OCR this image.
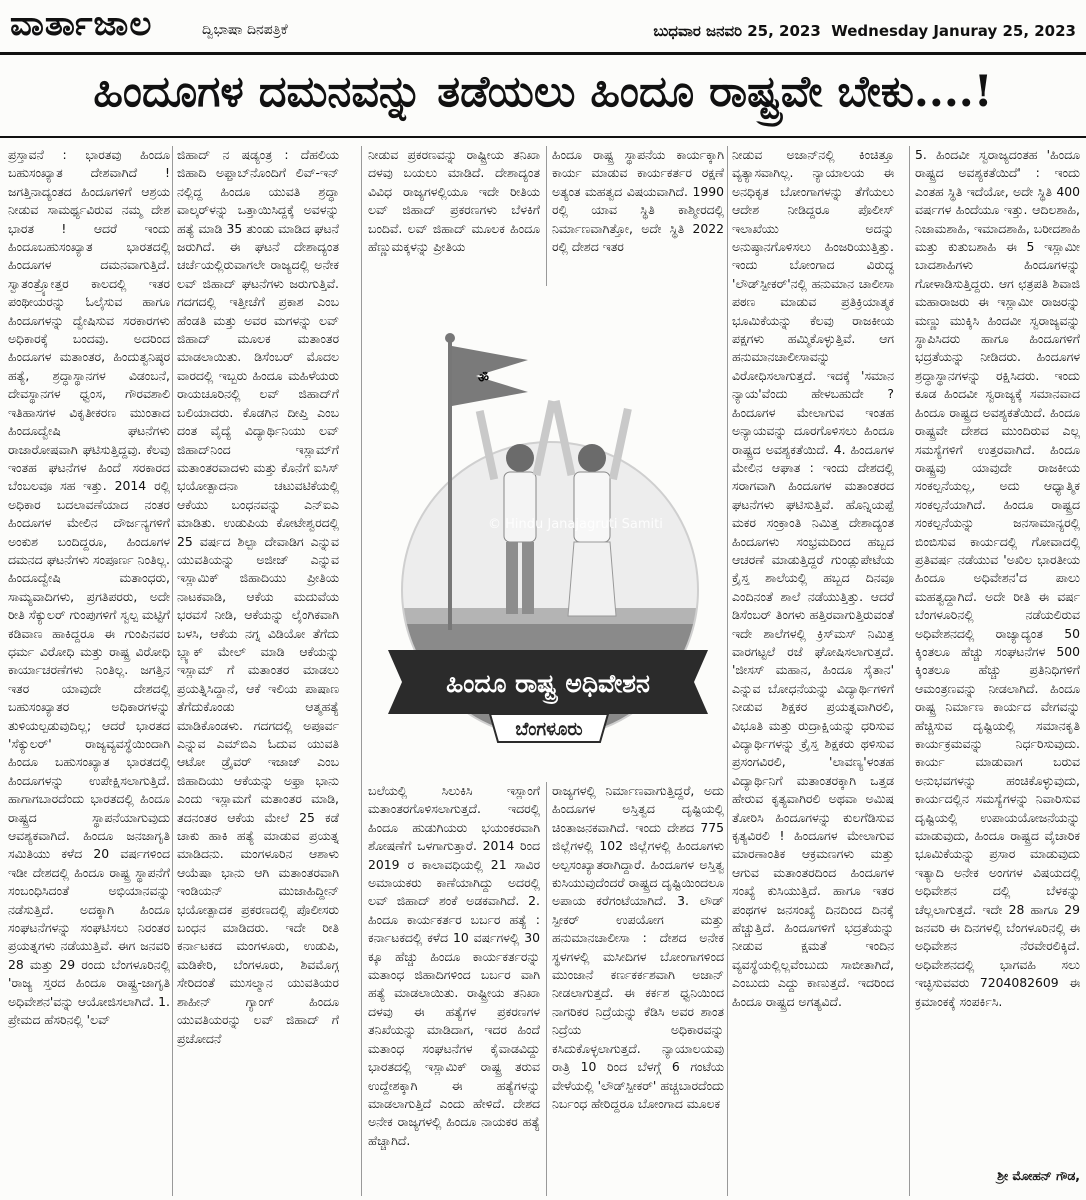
ವಾರ್ತಾಜಾಲ	ದ್ವಿಭಾಷಾ ದಿನಪತ್ರಿಕೆ	ಬುಧವಾರ ಜನವರಿ 25, 2023 Wednesday Januray 25, 2023
ಹಿಂದೂಗಳ ದಮನವನ್ನು ತಡೆಯಲು ಹಿಂದೂ ರಾಷ್ಟ್ರವೇ ಬೇಕು....!

ಪ್ರಸ್ತಾವನೆ : ಭಾರತವು ಹಿಂದೂ ಬಹುಸಂಖ್ಯಾತ ದೇಶವಾಗಿದೆ ! ಜಗತ್ತಿನಾದ್ಯಂತದ ಹಿಂದೂಗಳಿಗೆ ಆಶ್ರಯ ನೀಡುವ ಸಾಮರ್ಥ್ಯವಿರುವ ನಮ್ಮ ದೇಶ ಭಾರತ ! ಆದರೆ ಇಂದು ಹಿಂದೂಬಹುಸಂಖ್ಯಾತ ಭಾರತದಲ್ಲಿ ಹಿಂದೂಗಳ ದಮನವಾಗುತ್ತಿದೆ. ಸ್ವಾತಂತ್ರ್ಯೋತ್ತರ ಕಾಲದಲ್ಲಿ ಇತರ ಪಂಥೀಯರನ್ನು ಓಲೈಸುವ ಹಾಗೂ ಹಿಂದೂಗಳನ್ನು ದ್ವೇಷಿಸುವ ಸರಕಾರಗಳು ಅಧಿಕಾರಕ್ಕೆ ಬಂದವು. ಅದರಿಂದ ಹಿಂದೂಗಳ ಮತಾಂತರ, ಹಿಂದುತ್ವನಿಷ್ಠರ ಹತ್ಯೆ, ಶ್ರದ್ಧಾಸ್ಥಾನಗಳ ವಿಡಂಬನೆ, ದೇವಸ್ಥಾನಗಳ ಧ್ವಂಸ, ಗೌರವಶಾಲಿ ಇತಿಹಾಸಗಳ ವಿಕೃತೀಕರಣ ಮುಂತಾದ ಹಿಂದೂದ್ವೇಷಿ ಘಟನೆಗಳು ರಾಜಾರೋಷವಾಗಿ ಘಟಿಸುತ್ತಿದ್ದವು. ಕೆಲವು ಇಂತಹ ಘಟನೆಗಳ ಹಿಂದೆ ಸರಕಾರದ ಬೆಂಬಲವೂ ಸಹ ಇತ್ತು. 2014 ರಲ್ಲಿ ಅಧಿಕಾರ ಬದಲಾವಣೆಯಾದ ನಂತರ ಹಿಂದೂಗಳ ಮೇಲಿನ ದೌರ್ಜನ್ಯಗಳಿಗೆ ಅಂಕುಶ ಬಂದಿದ್ದರೂ, ಹಿಂದೂಗಳ ದಮನದ ಘಟನೆಗಳು ಸಂಪೂರ್ಣ ನಿಂತಿಲ್ಲ. ಹಿಂದೂದ್ವೇಷಿ ಮತಾಂಧರು, ಸಾಮ್ಯವಾದಿಗಳು, ಪ್ರಗತಿಪರರು, ಅದೇ ರೀತಿ ಸೆಕ್ಯುಲರ್ ಗುಂಪುಗಳಿಗೆ ಸ್ವಲ್ಪ ಮಟ್ಟಿಗೆ ಕಡಿವಾಣ ಹಾಕಿದ್ದರೂ ಈ ಗುಂಪಿನವರ ಧರ್ಮ ವಿರೋಧಿ ಮತ್ತು ರಾಷ್ಟ್ರ ವಿರೋಧಿ ಕಾರ್ಯಾಚರಣೆಗಳು ನಿಂತಿಲ್ಲ. ಜಗತ್ತಿನ ಇತರ ಯಾವುದೇ ದೇಶದಲ್ಲಿ ಬಹುಸಂಖ್ಯಾತರ ಅಧಿಕಾರಗಳನ್ನು ತುಳಿಯಲ್ಪಡುವುದಿಲ್ಲ; ಆದರೆ ಭಾರತದ 'ಸೆಕ್ಯುಲರ್' ರಾಜ್ಯವ್ಯವಸ್ಥೆಯಿಂದಾಗಿ ಹಿಂದೂ ಬಹುಸಂಖ್ಯಾತ ಭಾರತದಲ್ಲಿ ಹಿಂದೂಗಳನ್ನು ಉಪೇಕ್ಷಿಸಲಾಗುತ್ತಿದೆ. ಹಾಗಾಗಬಾರದೆಂದು ಭಾರತದಲ್ಲಿ ಹಿಂದೂ ರಾಷ್ಟ್ರದ ಸ್ಥಾಪನೆಯಾಗುವುದು ಆವಶ್ಯಕವಾಗಿದೆ. ಹಿಂದೂ ಜನಜಾಗೃತಿ ಸಮಿತಿಯು ಕಳೆದ 20 ವರ್ಷಗಳಿಂದ ಇಡೀ ದೇಶದಲ್ಲಿ ಹಿಂದೂ ರಾಷ್ಟ್ರ ಸ್ಥಾಪನೆಗೆ ಸಂಬಂಧಿಸಿದಂತೆ ಅಭಿಯಾನವನ್ನು ನಡೆಸುತ್ತಿದೆ. ಅದಕ್ಕಾಗಿ ಹಿಂದೂ ಸಂಘಟನೆಗಳನ್ನು ಸಂಘಟಿಸಲು ನಿರಂತರ ಪ್ರಯತ್ನಗಳು ನಡೆಯುತ್ತಿವೆ. ಈಗ ಜನವರಿ 28 ಮತ್ತು 29 ರಂದು ಬೆಂಗಳೂರಿನಲ್ಲಿ 'ರಾಜ್ಯ ಸ್ತರದ ಹಿಂದೂ ರಾಷ್ಟ್ರ-ಜಾಗೃತಿ ಅಧಿವೇಶನ'ವನ್ನು ಆಯೋಜಿಸಲಾಗಿದೆ. 1. ಪ್ರೇಮದ ಹೆಸರಿನಲ್ಲಿ 'ಲವ್

ಜಿಹಾದ್ ನ ಷಡ್ಯಂತ್ರ : ದೆಹಲಿಯ ಜಿಹಾದಿ ಅಫ್ತಾಬ್‌ನೊಂದಿಗೆ ಲಿವ್-ಇನ್ ನಲ್ಲಿದ್ದ ಹಿಂದೂ ಯುವತಿ ಶ್ರದ್ಧಾ ವಾಲ್ಕರ್‌ಳನ್ನು ಒತ್ತಾಯಿಸಿದ್ದಕ್ಕೆ ಅವಳನ್ನು ಹತ್ಯೆ ಮಾಡಿ 35 ತುಂಡು ಮಾಡಿದ ಘಟನೆ ಜರುಗಿದೆ. ಈ ಘಟನೆ ದೇಶಾದ್ಯಂತ ಚರ್ಚೆಯಲ್ಲಿರುವಾಗಲೇ ರಾಜ್ಯದಲ್ಲಿ ಅನೇಕ ಲವ್ ಜಿಹಾದ್ ಘಟನೆಗಳು ಜರುಗುತ್ತಿವೆ. ಗದಗದಲ್ಲಿ ಇತ್ತೀಚೆಗೆ ಪ್ರಕಾಶ ಎಂಬ ಹೆಂಡತಿ ಮತ್ತು ಅವರ ಮಗಳನ್ನು ಲವ್ ಜಿಹಾದ್ ಮೂಲಕ ಮತಾಂತರ ಮಾಡಲಾಯಿತು. ಡಿಸೆಂಬರ್ ಮೊದಲ ವಾರದಲ್ಲಿ ಇಬ್ಬರು ಹಿಂದೂ ಮಹಿಳೆಯರು ರಾಯಚೂರಿನಲ್ಲಿ ಲವ್ ಜಿಹಾದ್‌ಗೆ ಬಲಿಯಾದರು. ಕೊಡಗಿನ ದೀಪ್ತಿ ಎಂಬ ದಂತ ವೈದ್ಯೆ ವಿದ್ಯಾರ್ಥಿನಿಯು ಲವ್ ಜಿಹಾದ್‌ನಿಂದ ಇಸ್ಲಾಮ್‌ಗೆ ಮತಾಂತರವಾದಳು ಮತ್ತು ಕೊನೆಗೆ ಐಸಿಸ್ ಭಯೋತ್ಪಾದನಾ ಚಟುವಟಿಕೆಯಲ್ಲಿ ಆಕೆಯು ಬಂಧನವನ್ನು ಎನ್ಐಎ ಮಾಡಿತು. ಉಡುಪಿಯ ಕೋಟೇಶ್ವರದಲ್ಲಿ 25 ವರ್ಷದ ಶಿಲ್ಪಾ ದೇವಾಡಿಗ ಎನ್ನುವ ಯುವತಿಯನ್ನು ಅಜೀಜ್ ಎನ್ನುವ ಇಸ್ಲಾಮಿಕ್ ಜಿಹಾದಿಯು ಪ್ರೀತಿಯ ನಾಟಕವಾಡಿ, ಆಕೆಯ ಮದುವೆಯ ಭರವಸೆ ನೀಡಿ, ಆಕೆಯನ್ನು ಲೈಂಗಿಕವಾಗಿ ಬಳಸಿ, ಆಕೆಯ ನಗ್ನ ವಿಡಿಯೋ ತೆಗೆದು ಬ್ಲ್ಯಾಕ್ ಮೇಲ್ ಮಾಡಿ ಆಕೆಯನ್ನು ಇಸ್ಲಾಮ್ ಗೆ ಮತಾಂತರ ಮಾಡಲು ಪ್ರಯತ್ನಿಸಿದ್ದಾನೆ, ಆಕೆ ಇಲಿಯ ಪಾಷಾಣ ತೆಗೆದುಕೊಂಡು ಆತ್ಮಹತ್ಯೆ ಮಾಡಿಕೊಂಡಳು. ಗದಗದಲ್ಲಿ ಅಪೂರ್ವ ಎನ್ನುವ ಎಮ್‌ಬಿಎ ಓದುವ ಯುವತಿ ಆಟೋ ಡ್ರೈವರ್ ಇಜಾಜ್ ಎಂಬ ಜಿಹಾದಿಯು ಆಕೆಯನ್ನು ಅಫ್ರಾ ಭಾನು ಎಂದು ಇಸ್ಲಾಮಗೆ ಮತಾಂತರ ಮಾಡಿ, ತದನಂತರ ಆಕೆಯ ಮೇಲೆ 25 ಕಡೆ ಚಾಕು ಹಾಕಿ ಹತ್ಯೆ ಮಾಡುವ ಪ್ರಯತ್ನ ಮಾಡಿದನು. ಮಂಗಳೂರಿನ ಆಶಾಳು ಆಯೆಷಾ ಭಾನು ಆಗಿ ಮತಾಂತರವಾಗಿ ಇಂಡಿಯನ್ ಮುಜಾಹಿದ್ದೀನ್ ಭಯೋತ್ಪಾದಕ ಪ್ರಕರಣದಲ್ಲಿ ಪೊಲೀಸರು ಬಂಧನ ಮಾಡಿದರು. ಇದೇ ರೀತಿ ಕರ್ನಾಟಕದ ಮಂಗಳೂರು, ಉಡುಪಿ, ಮಡಿಕೇರಿ, ಬೆಂಗಳೂರು, ಶಿವಮೊಗ್ಗ ಸೇರಿದಂತೆ ಮುಸಲ್ಮಾನ ಯುವತಿಯರ ಶಾಹೀನ್ ಗ್ಯಾಂಗ್ ಹಿಂದೂ ಯುವತಿಯರನ್ನು ಲವ್ ಜಿಹಾದ್ ಗೆ ಪ್ರಚೋದನೆ

ನೀಡುವ ಪ್ರಕರಣವನ್ನು ರಾಷ್ಟ್ರೀಯ ತನಿಖಾ ದಳವು ಬಯಲು ಮಾಡಿದೆ. ದೇಶಾದ್ಯಂತ ವಿವಿಧ ರಾಜ್ಯಗಳಲ್ಲಿಯೂ ಇದೇ ರೀತಿಯ ಲವ್ ಜಿಹಾದ್ ಪ್ರಕರಣಗಳು ಬೆಳಕಿಗೆ ಬಂದಿವೆ. ಲವ್ ಜಿಹಾದ್ ಮೂಲಕ ಹಿಂದೂ ಹೆಣ್ಣುಮಕ್ಕಳನ್ನು ಪ್ರೀತಿಯ

ಹಿಂದೂ ರಾಷ್ಟ್ರ ಸ್ಥಾಪನೆಯ ಕಾರ್ಯಕ್ಕಾಗಿ ಕಾರ್ಯ ಮಾಡುವ ಕಾರ್ಯಕರ್ತರ ರಕ್ಷಣೆ ಅತ್ಯಂತ ಮಹತ್ವದ ವಿಷಯವಾಗಿದೆ. 1990 ರಲ್ಲಿ ಯಾವ ಸ್ಥಿತಿ ಕಾಶ್ಮೀರದಲ್ಲಿ ನಿರ್ಮಾಣವಾಗಿತ್ತೋ, ಅದೇ ಸ್ಥಿತಿ 2022 ರಲ್ಲಿ ದೇಶದ ಇತರ

ॐ
© Hindu Janajagruti Samiti
ಹಿಂದೂ ರಾಷ್ಟ್ರ ಅಧಿವೇಶನ
ಬೆಂಗಳೂರು

ಬಲೆಯಲ್ಲಿ ಸಿಲುಕಿಸಿ ಇಸ್ಲಾಂಗೆ ಮತಾಂತರಗೊಳಿಸಲಾಗುತ್ತದೆ. ಇದರಲ್ಲಿ ಹಿಂದೂ ಹುಡುಗಿಯರು ಭಯಂಕರವಾಗಿ ಶೋಷಣೆಗೆ ಒಳಗಾಗುತ್ತಾರೆ. 2014 ರಿಂದ 2019 ರ ಕಾಲಾವಧಿಯಲ್ಲಿ 21 ಸಾವಿರ ಅಮಾಯಕರು ಕಾಣೆಯಾಗಿದ್ದು ಅದರಲ್ಲಿ ಲವ್ ಜಿಹಾದ್ ಶಂಕೆ ಅಡಕವಾಗಿದೆ. 2. ಹಿಂದೂ ಕಾರ್ಯಕರ್ತರ ಬರ್ಬರ ಹತ್ಯೆ : ಕರ್ನಾಟಕದಲ್ಲಿ ಕಳೆದ 10 ವರ್ಷಗಳಲ್ಲಿ 30 ಕ್ಕೂ ಹೆಚ್ಚು ಹಿಂದೂ ಕಾರ್ಯಕರ್ತರನ್ನು ಮತಾಂಧ ಜಿಹಾದಿಗಳಿಂದ ಬರ್ಬರ ವಾಗಿ ಹತ್ಯೆ ಮಾಡಲಾಯಿತು. ರಾಷ್ಟ್ರೀಯ ತನಿಖಾ ದಳವು ಈ ಹತ್ಯೆಗಳ ಪ್ರಕರಣಗಳ ತನಿಖೆಯನ್ನು ಮಾಡಿದಾಗ, ಇದರ ಹಿಂದೆ ಮತಾಂಧ ಸಂಘಟನೆಗಳ ಕೈವಾಡವಿದ್ದು ಭಾರತದಲ್ಲಿ ಇಸ್ಲಾಮಿಕ್ ರಾಷ್ಟ್ರ ತರುವ ಉದ್ದೇಶಕ್ಕಾಗಿ ಈ ಹತ್ಯೆಗಳನ್ನು ಮಾಡಲಾಗುತ್ತಿದೆ ಎಂದು ಹೇಳಿದೆ. ದೇಶದ ಅನೇಕ ರಾಜ್ಯಗಳಲ್ಲಿ ಹಿಂದೂ ನಾಯಕರ ಹತ್ಯೆ ಹೆಚ್ಚಾಗಿದೆ.

ರಾಜ್ಯಗಳಲ್ಲಿ ನಿರ್ಮಾಣವಾಗುತ್ತಿದ್ದರೆ, ಅದು ಹಿಂದೂಗಳ ಅಸ್ತಿತ್ವದ ದೃಷ್ಟಿಯಲ್ಲಿ ಚಿಂತಾಜನಕವಾಗಿದೆ. ಇಂದು ದೇಶದ 775 ಜಿಲ್ಲೆಗಳಲ್ಲಿ 102 ಜಿಲ್ಲೆಗಳಲ್ಲಿ ಹಿಂದೂಗಳು ಅಲ್ಪಸಂಖ್ಯಾತರಾಗಿದ್ದಾರೆ. ಹಿಂದೂಗಳ ಅಸ್ತಿತ್ವ ಕುಸಿಯುವುದೆಂದರೆ ರಾಷ್ಟ್ರದ ದೃಷ್ಟಿಯಿಂದಲೂ ಅಪಾಯ ಕರೆಗಂಟೆಯಾಗಿದೆ. 3. ಲೌಡ್ ಸ್ಪೀಕರ್ ಉಪಯೋಗ ಮತ್ತು ಹನುಮಾನಚಾಲೀಸಾ : ದೇಶದ ಅನೇಕ ಸ್ಥಳಗಳಲ್ಲಿ ಮಸೀದಿಗಳ ಬೋಂಗಾಗಳಿಂದ ಮುಂಜಾನೆ ಕರ್ಣಕರ್ಕಶವಾಗಿ ಅಜಾನ್ ನೀಡಲಾಗುತ್ತದೆ. ಈ ಕರ್ಕಶ ಧ್ವನಿಯಿಂದ ನಾಗರಿಕರ ನಿದ್ರೆಯನ್ನು ಕೆಡಿಸಿ ಅವರ ಶಾಂತ ನಿದ್ರೆಯ ಅಧಿಕಾರವನ್ನು ಕಸಿದುಕೊಳ್ಳಲಾಗುತ್ತದೆ. ನ್ಯಾಯಾಲಯವು ರಾತ್ರಿ 10 ರಿಂದ ಬೆಳಗ್ಗೆ 6 ಗಂಟೆಯ ವೇಳೆಯಲ್ಲಿ 'ಲೌಡ್‌ಸ್ಪೀಕರ್' ಹಚ್ಚಬಾರದೆಂದು ನಿರ್ಬಂಧ ಹೇರಿದ್ದರೂ ಬೋಂಗಾದ ಮೂಲಕ

ನೀಡುವ ಅಜಾನ್‌ನಲ್ಲಿ ಕಿಂಚಿತ್ತೂ ವ್ಯತ್ಯಾಸವಾಗಿಲ್ಲ. ನ್ಯಾಯಾಲಯ ಈ ಅನಧಿಕೃತ ಬೋಂಗಾಗಳನ್ನು ತೆಗೆಯಲು ಆದೇಶ ನೀಡಿದ್ದರೂ ಪೊಲೀಸ್ ಇಲಾಖೆಯು ಅದನ್ನು ಅನುಷ್ಠಾನಗೊಳಿಸಲು ಹಿಂಜರಿಯುತ್ತಿತ್ತು. ಇಂದು ಬೋಂಗಾದ ವಿರುದ್ಧ 'ಲೌಡ್‌ಸ್ಪೀಕರ್'ನಲ್ಲಿ ಹನುಮಾನ ಚಾಲೀಸಾ ಪಠಣ ಮಾಡುವ ಪ್ರತಿಕ್ರಿಯಾತ್ಮಕ ಭೂಮಿಕೆಯನ್ನು ಕೆಲವು ರಾಜಕೀಯ ಪಕ್ಷಗಳು ಹಮ್ಮಿಕೊಳ್ಳುತ್ತಿವೆ. ಆಗ ಹನುಮಾನಚಾಲೀಸಾವನ್ನು ವಿರೋಧಿಸಲಾಗುತ್ತದೆ. ಇದಕ್ಕೆ 'ಸಮಾನ ನ್ಯಾಯ'ವೆಂದು ಹೇಳಬಹುದೇ ? ಹಿಂದೂಗಳ ಮೇಲಾಗುವ ಇಂತಹ ಅನ್ಯಾಯವನ್ನು ದೂರಗೊಳಿಸಲು ಹಿಂದೂ ರಾಷ್ಟ್ರದ ಅವಶ್ಯಕತೆಯಿದೆ. 4. ಹಿಂದೂಗಳ ಮೇಲಿನ ಆಘಾತ : ಇಂದು ದೇಶದಲ್ಲಿ ಸರಾಗವಾಗಿ ಹಿಂದೂಗಳ ಮತಾಂತರದ ಘಟನೆಗಳು ಘಟಿಸುತ್ತಿವೆ. ಹೊನ್ನಿಯಪ್ಪೆ ಮಕರ ಸಂಕ್ರಾಂತಿ ನಿಮಿತ್ತ ದೇಶಾದ್ಯಂತ ಹಿಂದೂಗಳು ಸಂಭ್ರಮದಿಂದ ಹಬ್ಬದ ಆಚರಣೆ ಮಾಡುತ್ತಿದ್ದರೆ ಗುಂಡ್ಲುಪೇಟೆಯ ಕ್ರೈಸ್ತ ಶಾಲೆಯಲ್ಲಿ ಹಬ್ಬದ ದಿನವೂ ಎಂದಿನಂತೆ ಶಾಲೆ ನಡೆಯುತ್ತಿತ್ತು. ಆದರೆ ಡಿಸೆಂಬರ್ ತಿಂಗಳು ಹತ್ತಿರವಾಗುತ್ತಿರುವಂತೆ ಇದೇ ಶಾಲೆಗಳಲ್ಲಿ ಕ್ರಿಸ್‌ಮಸ್ ನಿಮಿತ್ತ ವಾರಗಟ್ಟಲೆ ರಜೆ ಘೋಷಿಸಲಾಗುತ್ತದೆ. 'ಜೀಸಸ್ ಮಹಾನ, ಹಿಂದೂ ಸೈತಾನ' ಎನ್ನುವ ಬೋಧನೆಯನ್ನು ವಿದ್ಯಾರ್ಥಿಗಳಿಗೆ ನೀಡುವ ಶಿಕ್ಷಕರ ಪ್ರಯತ್ನವಾಗಿರಲಿ, ವಿಭೂತಿ ಮತ್ತು ರುದ್ರಾಕ್ಷಿಯನ್ನು ಧರಿಸುವ ವಿದ್ಯಾರ್ಥಿಗಳನ್ನು ಕ್ರೈಸ್ತ ಶಿಕ್ಷಕರು ಥಳಿಸುವ ಪ್ರಸಂಗವಿರಲಿ, 'ಲಾವಣ್ಯ'ಳಂತಹ ವಿದ್ಯಾರ್ಥಿನಿಗೆ ಮತಾಂತರಕ್ಕಾಗಿ ಒತ್ತಡ ಹೇರುವ ಕೃತ್ಯವಾಗಿರಲಿ ಅಥವಾ ಅಮಿಷ ತೋರಿಸಿ ಹಿಂದೂಗಳನ್ನು ಕುಲಗೆಡಿಸುವ ಕೃತ್ಯವಿರಲಿ ! ಹಿಂದೂಗಳ ಮೇಲಾಗುವ ಮಾರಣಾಂತಿಕ ಆಕ್ರಮಣಗಳು ಮತ್ತು ಆಗುವ ಮತಾಂತರದಿಂದ ಹಿಂದೂಗಳ ಸಂಖ್ಯೆ ಕುಸಿಯುತ್ತಿದೆ. ಹಾಗೂ ಇತರ ಪಂಥಗಳ ಜನಸಂಖ್ಯೆ ದಿನದಿಂದ ದಿನಕ್ಕೆ ಹೆಚ್ಚುತ್ತಿದೆ. ಹಿಂದೂಗಳಿಗೆ ಭದ್ರತೆಯನ್ನು ನೀಡುವ ಕ್ಷಮತೆ ಇಂದಿನ ವ್ಯವಸ್ಥೆಯಲ್ಲಿಲ್ಲವೆಂಬುದು ಸಾಬೀತಾಗಿದೆ, ಎಂಬುದು ಎದ್ದು ಕಾಣುತ್ತದೆ. ಇದರಿಂದ ಹಿಂದೂ ರಾಷ್ಟ್ರದ ಅಗತ್ಯವಿದೆ.

5. ಹಿಂದವೀ ಸ್ವರಾಜ್ಯದಂತಹ 'ಹಿಂದೂ ರಾಷ್ಟ್ರದ ಅವಶ್ಯಕತೆಯಿದೆ' : ಇಂದು ಎಂತಹ ಸ್ಥಿತಿ ಇದೆಯೋ, ಅದೇ ಸ್ಥಿತಿ 400 ವರ್ಷಗಳ ಹಿಂದೆಯೂ ಇತ್ತು. ಆದಿಲಶಾಹಿ, ನಿಜಾಮಶಾಹಿ, ಇಮಾದಶಾಹಿ, ಬರೀದಶಾಹಿ ಮತ್ತು ಕುತುಬಶಾಹಿ ಈ 5 ಇಸ್ಲಾಮೀ ಬಾದಶಾಹಿಗಳು ಹಿಂದೂಗಳನ್ನು ಗೋಳಾಡಿಸುತ್ತಿದ್ದರು. ಆಗ ಛತ್ರಪತಿ ಶಿವಾಜಿ ಮಹಾರಾಜರು ಈ ಇಸ್ಲಾಮೀ ರಾಜರನ್ನು ಮಣ್ಣು ಮುಕ್ಕಿಸಿ ಹಿಂದವೀ ಸ್ವರಾಜ್ಯವನ್ನು ಸ್ಥಾಪಿಸಿದರು ಹಾಗೂ ಹಿಂದೂಗಳಿಗೆ ಭದ್ರತೆಯನ್ನು ನೀಡಿದರು. ಹಿಂದೂಗಳ ಶ್ರದ್ಧಾಸ್ಥಾನಗಳನ್ನು ರಕ್ಷಿಸಿದರು. ಇಂದು ಕೂಡ ಹಿಂದವೀ ಸ್ವರಾಜ್ಯಕ್ಕೆ ಸಮಾನವಾದ ಹಿಂದೂ ರಾಷ್ಟ್ರದ ಅವಶ್ಯಕತೆಯಿದೆ. ಹಿಂದೂ ರಾಷ್ಟ್ರವೇ ದೇಶದ ಮುಂದಿರುವ ಎಲ್ಲ ಸಮಸ್ಯೆಗಳಿಗೆ ಉತ್ತರವಾಗಿದೆ. ಹಿಂದೂ ರಾಷ್ಟ್ರವು ಯಾವುದೇ ರಾಜಕೀಯ ಸಂಕಲ್ಪನೆಯಲ್ಲ, ಅದು ಆಧ್ಯಾತ್ಮಿಕ ಸಂಕಲ್ಪನೆಯಾಗಿದೆ. ಹಿಂದೂ ರಾಷ್ಟ್ರದ ಸಂಕಲ್ಪನೆಯನ್ನು ಜನಸಾಮಾನ್ಯರಲ್ಲಿ ಬಿಂಬಿಸುವ ಕಾರ್ಯದಲ್ಲಿ ಗೋವಾದಲ್ಲಿ ಪ್ರತಿವರ್ಷ ನಡೆಯುವ 'ಅಖಿಲ ಭಾರತೀಯ ಹಿಂದೂ ಅಧಿವೇಶನ'ದ ಪಾಲು ಮಹತ್ವದ್ದಾಗಿದೆ. ಅದೇ ರೀತಿ ಈ ವರ್ಷ ಬೆಂಗಳೂರಿನಲ್ಲಿ ನಡೆಯಲಿರುವ ಅಧಿವೇಶನದಲ್ಲಿ ರಾಜ್ಯಾದ್ಯಂತ 50 ಕ್ಕಿಂತಲೂ ಹೆಚ್ಚು ಸಂಘಟನೆಗಳ 500 ಕ್ಕಿಂತಲೂ ಹೆಚ್ಚು ಪ್ರತಿನಿಧಿಗಳಿಗೆ ಆಮಂತ್ರಣವನ್ನು ನೀಡಲಾಗಿದೆ. ಹಿಂದೂ ರಾಷ್ಟ್ರ ನಿರ್ಮಾಣ ಕಾರ್ಯದ ವೇಗವನ್ನು ಹೆಚ್ಚಿಸುವ ದೃಷ್ಟಿಯಲ್ಲಿ ಸಮಾನಕೃತಿ ಕಾರ್ಯಕ್ರಮವನ್ನು ನಿರ್ಧರಿಸುವುದು. ಕಾರ್ಯ ಮಾಡುವಾಗ ಬರುವ ಅನುಭವಗಳನ್ನು ಹಂಚಿಕೊಳ್ಳುವುದು, ಕಾರ್ಯದಲ್ಲಿನ ಸಮಸ್ಯೆಗಳನ್ನು ನಿವಾರಿಸುವ ದೃಷ್ಟಿಯಲ್ಲಿ ಉಪಾಯಯೋಜನೆಯನ್ನು ಮಾಡುವುದು, ಹಿಂದೂ ರಾಷ್ಟ್ರದ ವೈಚಾರಿಕ ಭೂಮಿಕೆಯನ್ನು ಪ್ರಸಾರ ಮಾಡುವುದು ಇತ್ಯಾದಿ ಅನೇಕ ಅಂಗಗಳ ವಿಷಯದಲ್ಲಿ ಅಧಿವೇಶನ ದಲ್ಲಿ ಬೆಳಕನ್ನು ಚೆಲ್ಲಲಾಗುತ್ತದೆ. ಇದೇ 28 ಹಾಗೂ 29 ಜನವರಿ ಈ ದಿನಗಳಲ್ಲಿ ಬೆಂಗಳೂರಿನಲ್ಲಿ ಈ ಅಧಿವೇಶನ ನೆರವೇರಲಿಕ್ಕಿದೆ. ಅಧಿವೇಶನದಲ್ಲಿ ಭಾಗವಹಿ ಸಲು ಇಚ್ಛಿಸುವವರು 7204082609 ಈ ಕ್ರಮಾಂಕಕ್ಕೆ ಸಂಪರ್ಕಿಸಿ.

ಶ್ರೀ ಮೋಹನ್ ಗೌಡ,
